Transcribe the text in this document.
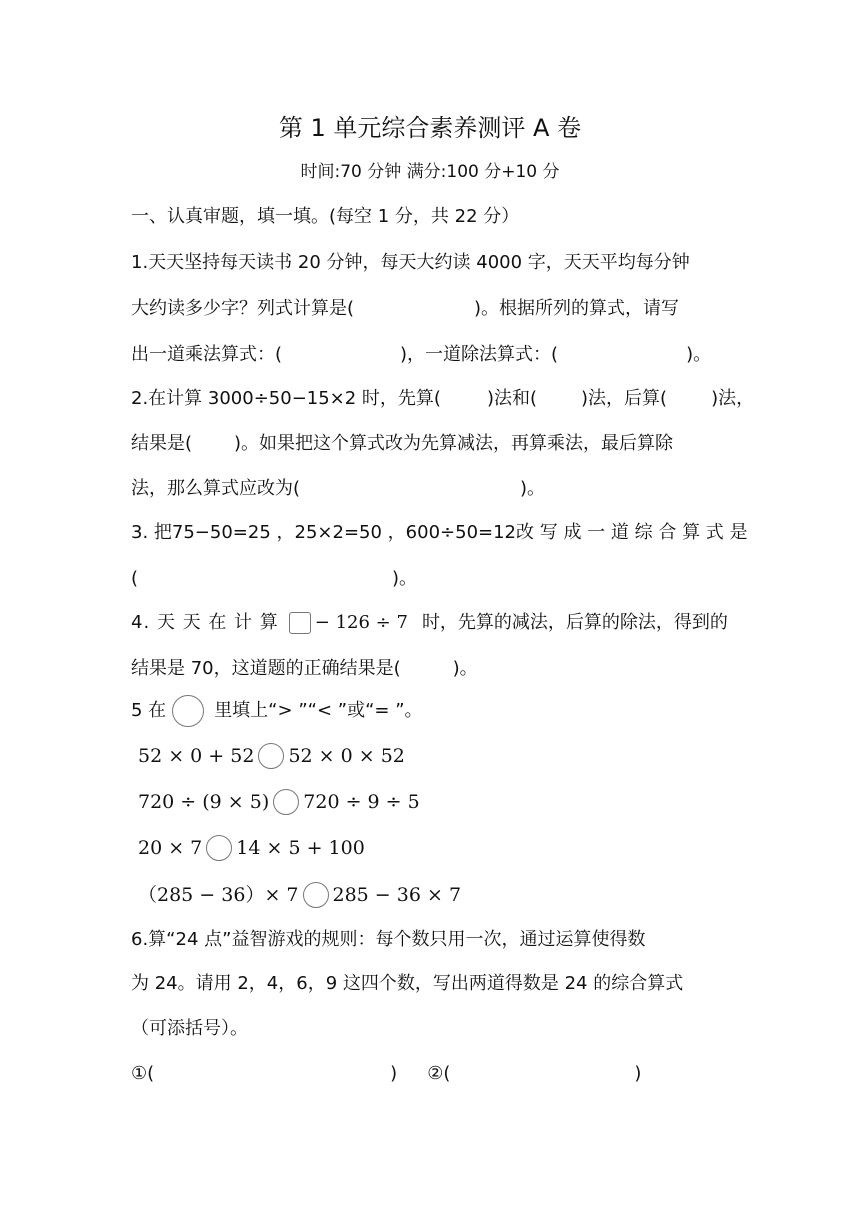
第 1 单元综合素养测评 A 卷
时间:70 分钟 满分:100 分+10 分
一、认真审题，填一填。(每空 1 分，共 22 分）
1.天天坚持每天读书 20 分钟，每天大约读 4000 字，天天平均每分钟
大约读多少字？列式计算是(	)。根据所列的算式，请写
出一道乘法算式：(	)，一道除法算式：(	)。
2.在计算 3000÷50−15×2 时，先算(	)法和( )法，后算( )法，
结果是( )。如果把这个算式改为先算减法，再算乘法，最后算除
法，那么算式应改为(	)。
3. 把 75−50=25 ， 25×2=50 ， 600÷50=12 改 写 成 一 道 综 合 算 式 是
(	)。
4. 天 天 在 计 算 − 126 ÷ 7 时，先算的减法，后算的除法，得到的
结果是 70，这道题的正确结果是(	)。
5 在	里填上“> ”“< ”或“= ”。
52 × 0 + 52 52 × 0 × 52
720 ÷ (9 × 5) 720 ÷ 9 ÷ 5
20 × 7 14 × 5 + 100
（285 − 36）× 7 285 − 36 × 7
6.算“24 点”益智游戏的规则：每个数只用一次，通过运算使得数
为 24。请用 2，4，6，9 这四个数，写出两道得数是 24 的综合算式
（可添括号）。
①(	) ②(	)
